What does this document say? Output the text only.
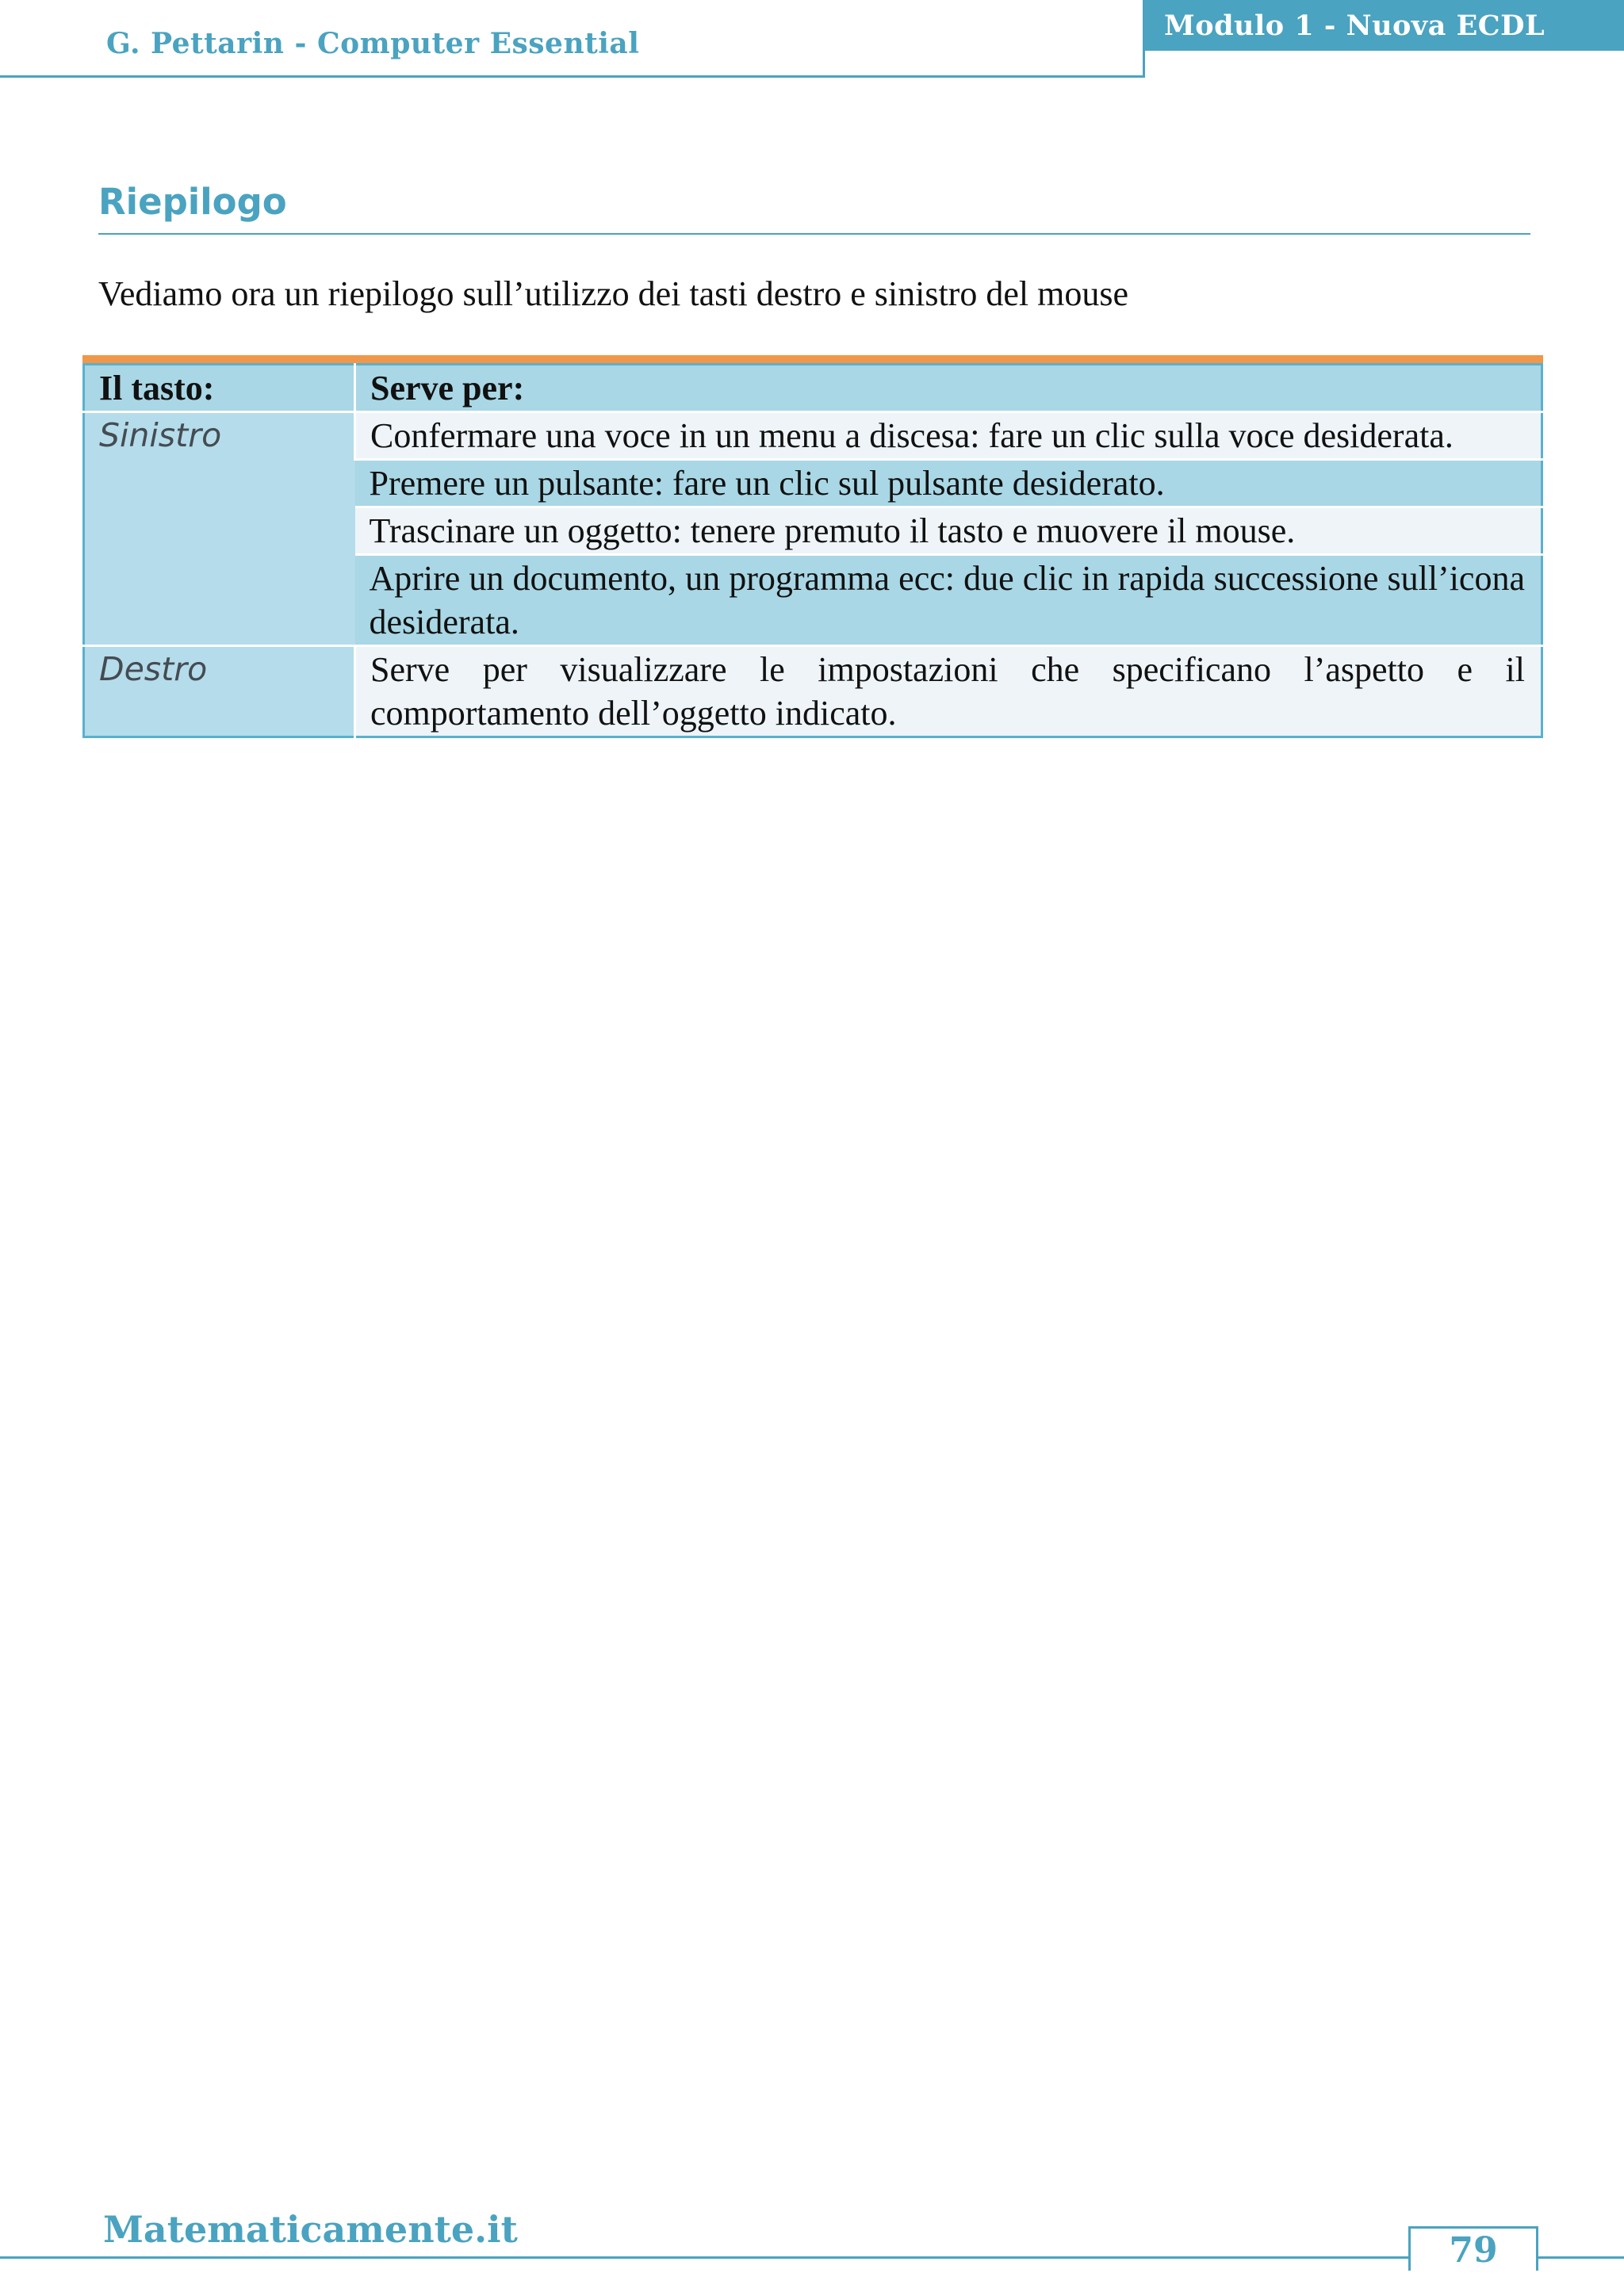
G. Pettarin - Computer Essential
Modulo 1 - Nuova ECDL
Riepilogo
Vediamo ora un riepilogo sull’utilizzo dei tasti destro e sinistro del mouse
Il tasto:	Serve per:
Sinistro	Confermare una voce in un menu a discesa: fare un clic sulla voce desiderata.
	Premere un pulsante: fare un clic sul pulsante desiderato.
	Trascinare un oggetto: tenere premuto il tasto e muovere il mouse.
	Aprire un documento, un programma ecc: due clic in rapida successione sull’icona desiderata.
Destro	Serve per visualizzare le impostazioni che specificano l’aspetto e il comportamento dell’oggetto indicato.
Matematicamente.it	79
